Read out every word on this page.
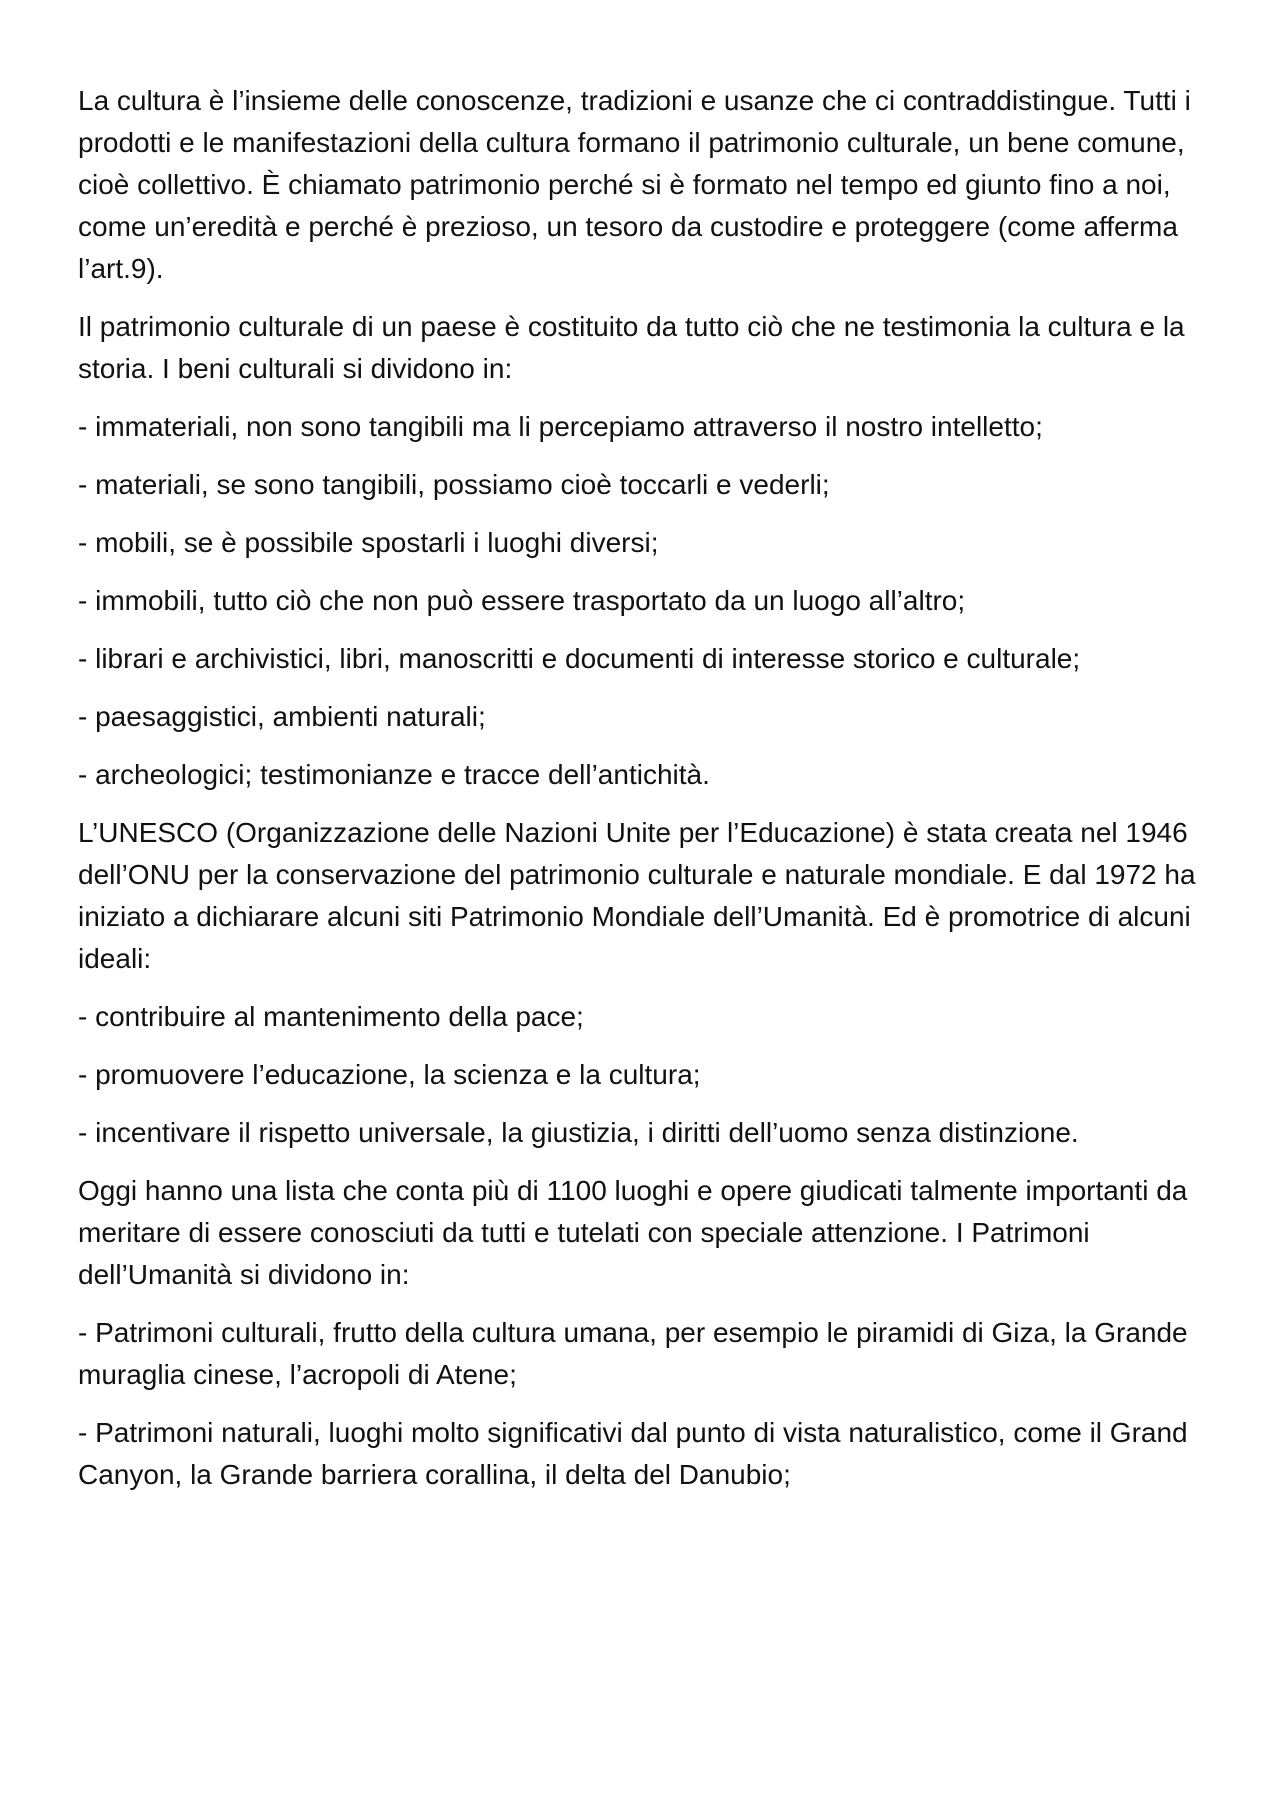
La cultura è l’insieme delle conoscenze, tradizioni e usanze che ci contraddistingue. Tutti i prodotti e le manifestazioni della cultura formano il patrimonio culturale, un bene comune, cioè collettivo. È chiamato patrimonio perché si è formato nel tempo ed giunto fino a noi, come un’eredità e perché è prezioso, un tesoro da custodire e proteggere (come afferma l’art.9).

Il patrimonio culturale di un paese è costituito da tutto ciò che ne testimonia la cultura e la storia. I beni culturali si dividono in:

- immateriali, non sono tangibili ma li percepiamo attraverso il nostro intelletto;

- materiali, se sono tangibili, possiamo cioè toccarli e vederli;

- mobili, se è possibile spostarli i luoghi diversi;

- immobili, tutto ciò che non può essere trasportato da un luogo all’altro;

- librari e archivistici, libri, manoscritti e documenti di interesse storico e culturale;

- paesaggistici, ambienti naturali;

- archeologici; testimonianze e tracce dell’antichità.

L’UNESCO (Organizzazione delle Nazioni Unite per l’Educazione) è stata creata nel 1946 dell’ONU per la conservazione del patrimonio culturale e naturale mondiale. E dal 1972 ha iniziato a dichiarare alcuni siti Patrimonio Mondiale dell’Umanità. Ed è promotrice di alcuni ideali:

- contribuire al mantenimento della pace;

- promuovere l’educazione, la scienza e la cultura;

- incentivare il rispetto universale, la giustizia, i diritti dell’uomo senza distinzione.

Oggi hanno una lista che conta più di 1100 luoghi e opere giudicati talmente importanti da meritare di essere conosciuti da tutti e tutelati con speciale attenzione. I Patrimoni dell’Umanità si dividono in:

- Patrimoni culturali, frutto della cultura umana, per esempio le piramidi di Giza, la Grande muraglia cinese, l’acropoli di Atene;

- Patrimoni naturali, luoghi molto significativi dal punto di vista naturalistico, come il Grand Canyon, la Grande barriera corallina, il delta del Danubio;
